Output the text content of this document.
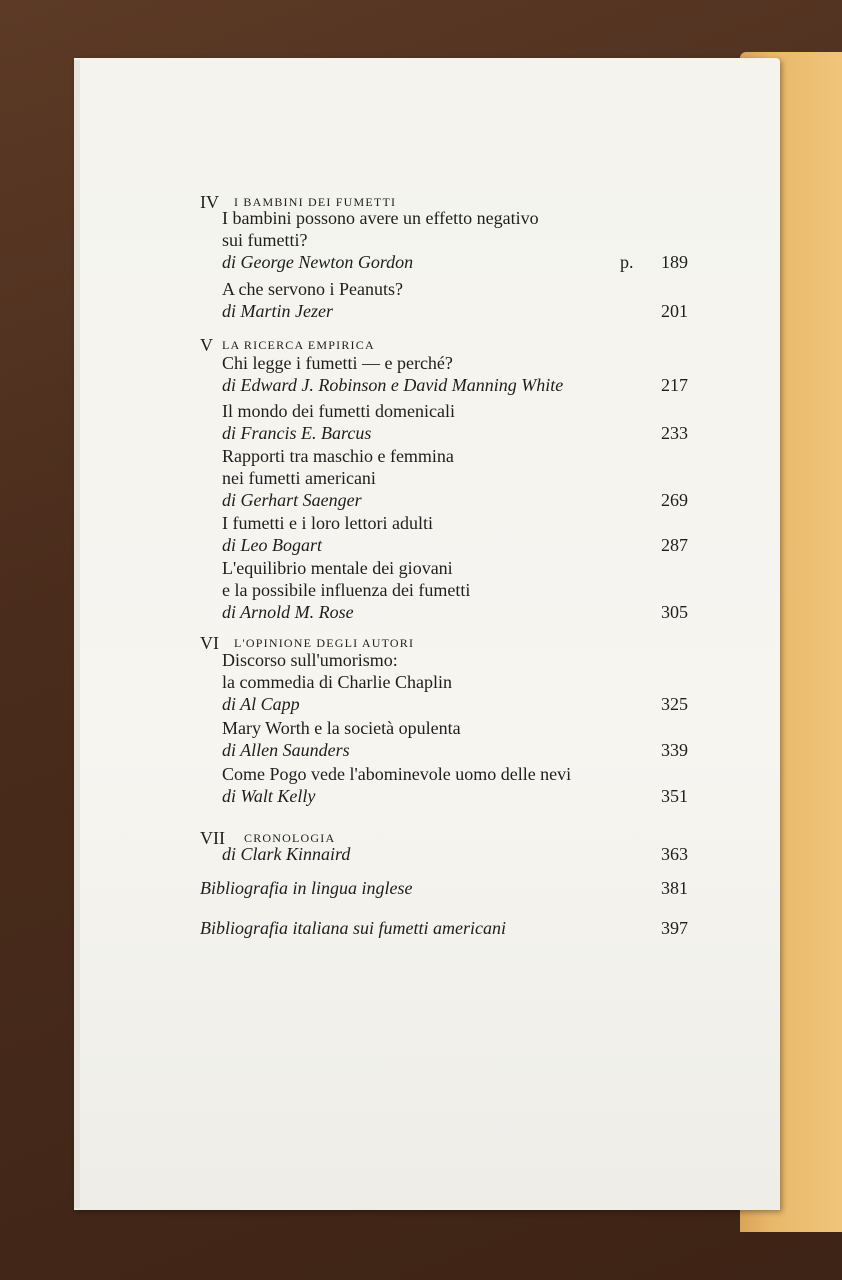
IV I BAMBINI DEI FUMETTI
I bambini possono avere un effetto negativo
sui fumetti?
di George Newton Gordon	p.	189
A che servono i Peanuts?
di Martin Jezer	201
V LA RICERCA EMPIRICA
Chi legge i fumetti — e perché?
di Edward J. Robinson e David Manning White	217
Il mondo dei fumetti domenicali
di Francis E. Barcus	233
Rapporti tra maschio e femmina
nei fumetti americani
di Gerhart Saenger	269
I fumetti e i loro lettori adulti
di Leo Bogart	287
L'equilibrio mentale dei giovani
e la possibile influenza dei fumetti
di Arnold M. Rose	305
VI L'OPINIONE DEGLI AUTORI
Discorso sull'umorismo:
la commedia di Charlie Chaplin
di Al Capp	325
Mary Worth e la società opulenta
di Allen Saunders	339
Come Pogo vede l'abominevole uomo delle nevi
di Walt Kelly	351
VII CRONOLOGIA
di Clark Kinnaird	363
Bibliografia in lingua inglese	381
Bibliografia italiana sui fumetti americani	397
